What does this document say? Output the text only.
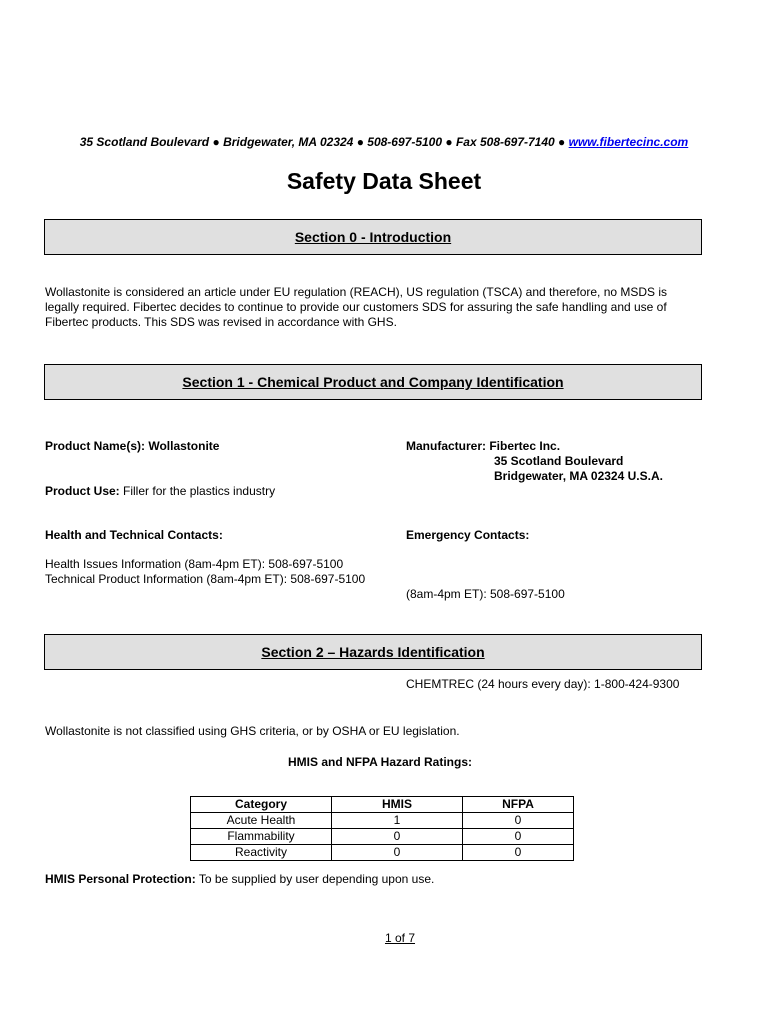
35 Scotland Boulevard ● Bridgewater, MA 02324 ● 508-697-5100 ● Fax 508-697-7140 ● www.fibertecinc.com
Safety Data Sheet
Section 0 - Introduction
Wollastonite is considered an article under EU regulation (REACH), US regulation (TSCA) and therefore, no MSDS is
legally required. Fibertec decides to continue to provide our customers SDS for assuring the safe handling and use of
Fibertec products. This SDS was revised in accordance with GHS.
Section 1 - Chemical Product and Company Identification
Product Name(s): Wollastonite
Product Use: Filler for the plastics industry
Manufacturer: Fibertec Inc.
35 Scotland Boulevard
Bridgewater, MA 02324 U.S.A.
Health and Technical Contacts:
Health Issues Information (8am-4pm ET): 508-697-5100
Technical Product Information (8am-4pm ET): 508-697-5100
Emergency Contacts:

(8am-4pm ET): 508-697-5100

CHEMTREC (24 hours every day): 1-800-424-9300

Section 2 – Hazards Identification
Wollastonite is not classified using GHS criteria, or by OSHA or EU legislation.
HMIS and NFPA Hazard Ratings:
Category	HMIS	NFPA
Acute Health	1	0
Flammability	0	0
Reactivity	0	0
HMIS Personal Protection: To be supplied by user depending upon use.
1 of 7
